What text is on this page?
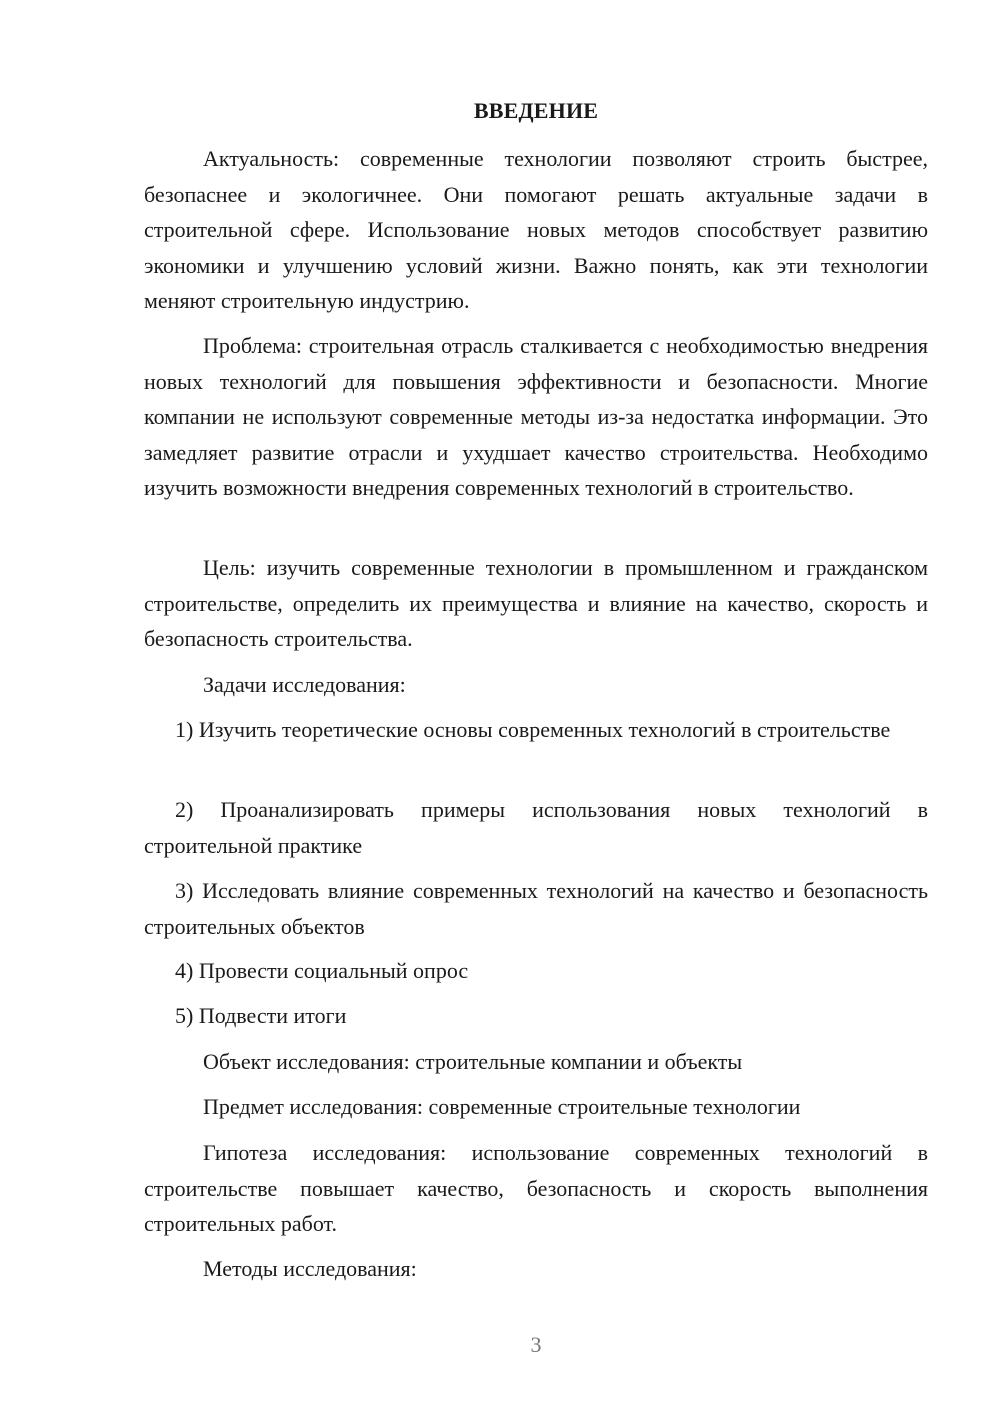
ВВЕДЕНИЕ

Актуальность: современные технологии позволяют строить быстрее, безопаснее и экологичнее. Они помогают решать актуальные задачи в строительной сфере. Использование новых методов способствует развитию экономики и улучшению условий жизни. Важно понять, как эти технологии меняют строительную индустрию.

Проблема: строительная отрасль сталкивается с необходимостью внедрения новых технологий для повышения эффективности и безопасности. Многие компании не используют современные методы из-за недостатка информации. Это замедляет развитие отрасли и ухудшает качество строительства. Необходимо изучить возможности внедрения современных технологий в строительство.

Цель: изучить современные технологии в промышленном и гражданском строительстве, определить их преимущества и влияние на качество, скорость и безопасность строительства.

Задачи исследования:

1) Изучить теоретические основы современных технологий в строительстве

2) Проанализировать примеры использования новых технологий в строительной практике

3) Исследовать влияние современных технологий на качество и безопасность строительных объектов

4) Провести социальный опрос

5) Подвести итоги

Объект исследования: строительные компании и объекты

Предмет исследования: современные строительные технологии

Гипотеза исследования: использование современных технологий в строительстве повышает качество, безопасность и скорость выполнения строительных работ.

Методы исследования:

3
